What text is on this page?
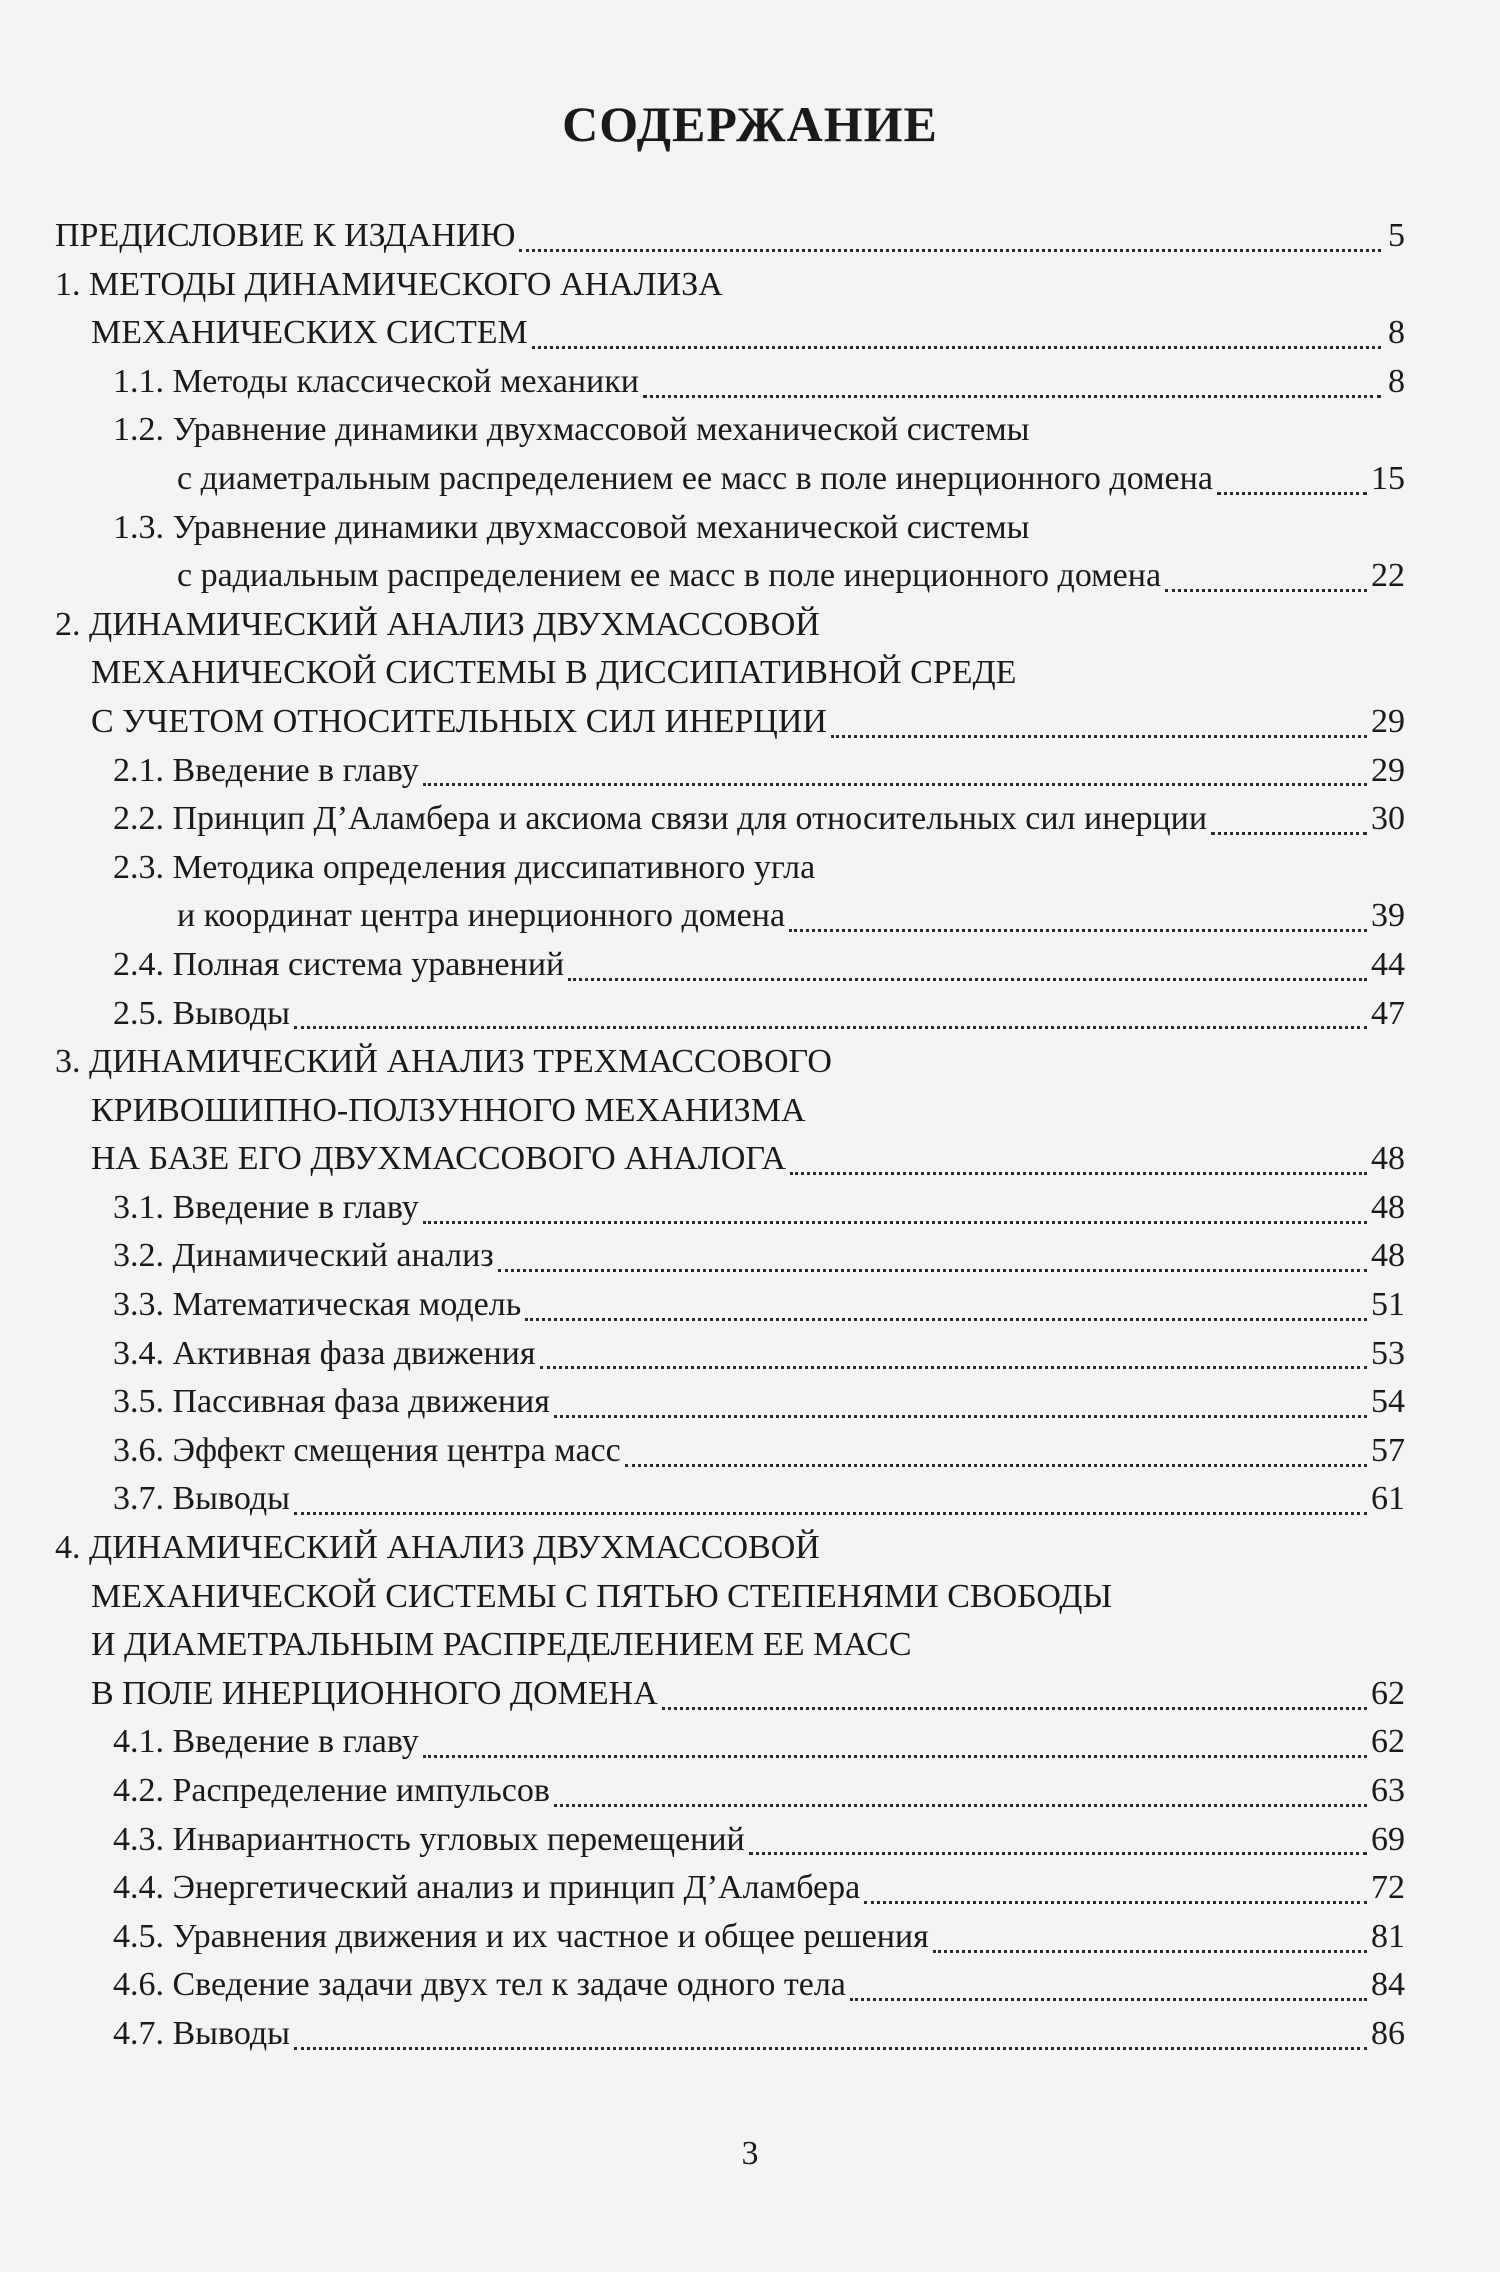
СОДЕРЖАНИЕ
ПРЕДИСЛОВИЕ К ИЗДАНИЮ	5
1. МЕТОДЫ ДИНАМИЧЕСКОГО АНАЛИЗА
МЕХАНИЧЕСКИХ СИСТЕМ	8
1.1. Методы классической механики	8
1.2. Уравнение динамики двухмассовой механической системы
с диаметральным распределением ее масс в поле инерционного домена	15
1.3. Уравнение динамики двухмассовой механической системы
с радиальным распределением ее масс в поле инерционного домена	22
2. ДИНАМИЧЕСКИЙ АНАЛИЗ ДВУХМАССОВОЙ
МЕХАНИЧЕСКОЙ СИСТЕМЫ В ДИССИПАТИВНОЙ СРЕДЕ
С УЧЕТОМ ОТНОСИТЕЛЬНЫХ СИЛ ИНЕРЦИИ	29
2.1. Введение в главу	29
2.2. Принцип Д’Аламбера и аксиома связи для относительных сил инерции	30
2.3. Методика определения диссипативного угла
и координат центра инерционного домена	39
2.4. Полная система уравнений	44
2.5. Выводы	47
3. ДИНАМИЧЕСКИЙ АНАЛИЗ ТРЕХМАССОВОГО
КРИВОШИПНО-ПОЛЗУННОГО МЕХАНИЗМА
НА БАЗЕ ЕГО ДВУХМАССОВОГО АНАЛОГА	48
3.1. Введение в главу	48
3.2. Динамический анализ	48
3.3. Математическая модель	51
3.4. Активная фаза движения	53
3.5. Пассивная фаза движения	54
3.6. Эффект смещения центра масс	57
3.7. Выводы	61
4. ДИНАМИЧЕСКИЙ АНАЛИЗ ДВУХМАССОВОЙ
МЕХАНИЧЕСКОЙ СИСТЕМЫ С ПЯТЬЮ СТЕПЕНЯМИ СВОБОДЫ
И ДИАМЕТРАЛЬНЫМ РАСПРЕДЕЛЕНИЕМ ЕЕ МАСС
В ПОЛЕ ИНЕРЦИОННОГО ДОМЕНА	62
4.1. Введение в главу	62
4.2. Распределение импульсов	63
4.3. Инвариантность угловых перемещений	69
4.4. Энергетический анализ и принцип Д’Аламбера	72
4.5. Уравнения движения и их частное и общее решения	81
4.6. Сведение задачи двух тел к задаче одного тела	84
4.7. Выводы	86
3
